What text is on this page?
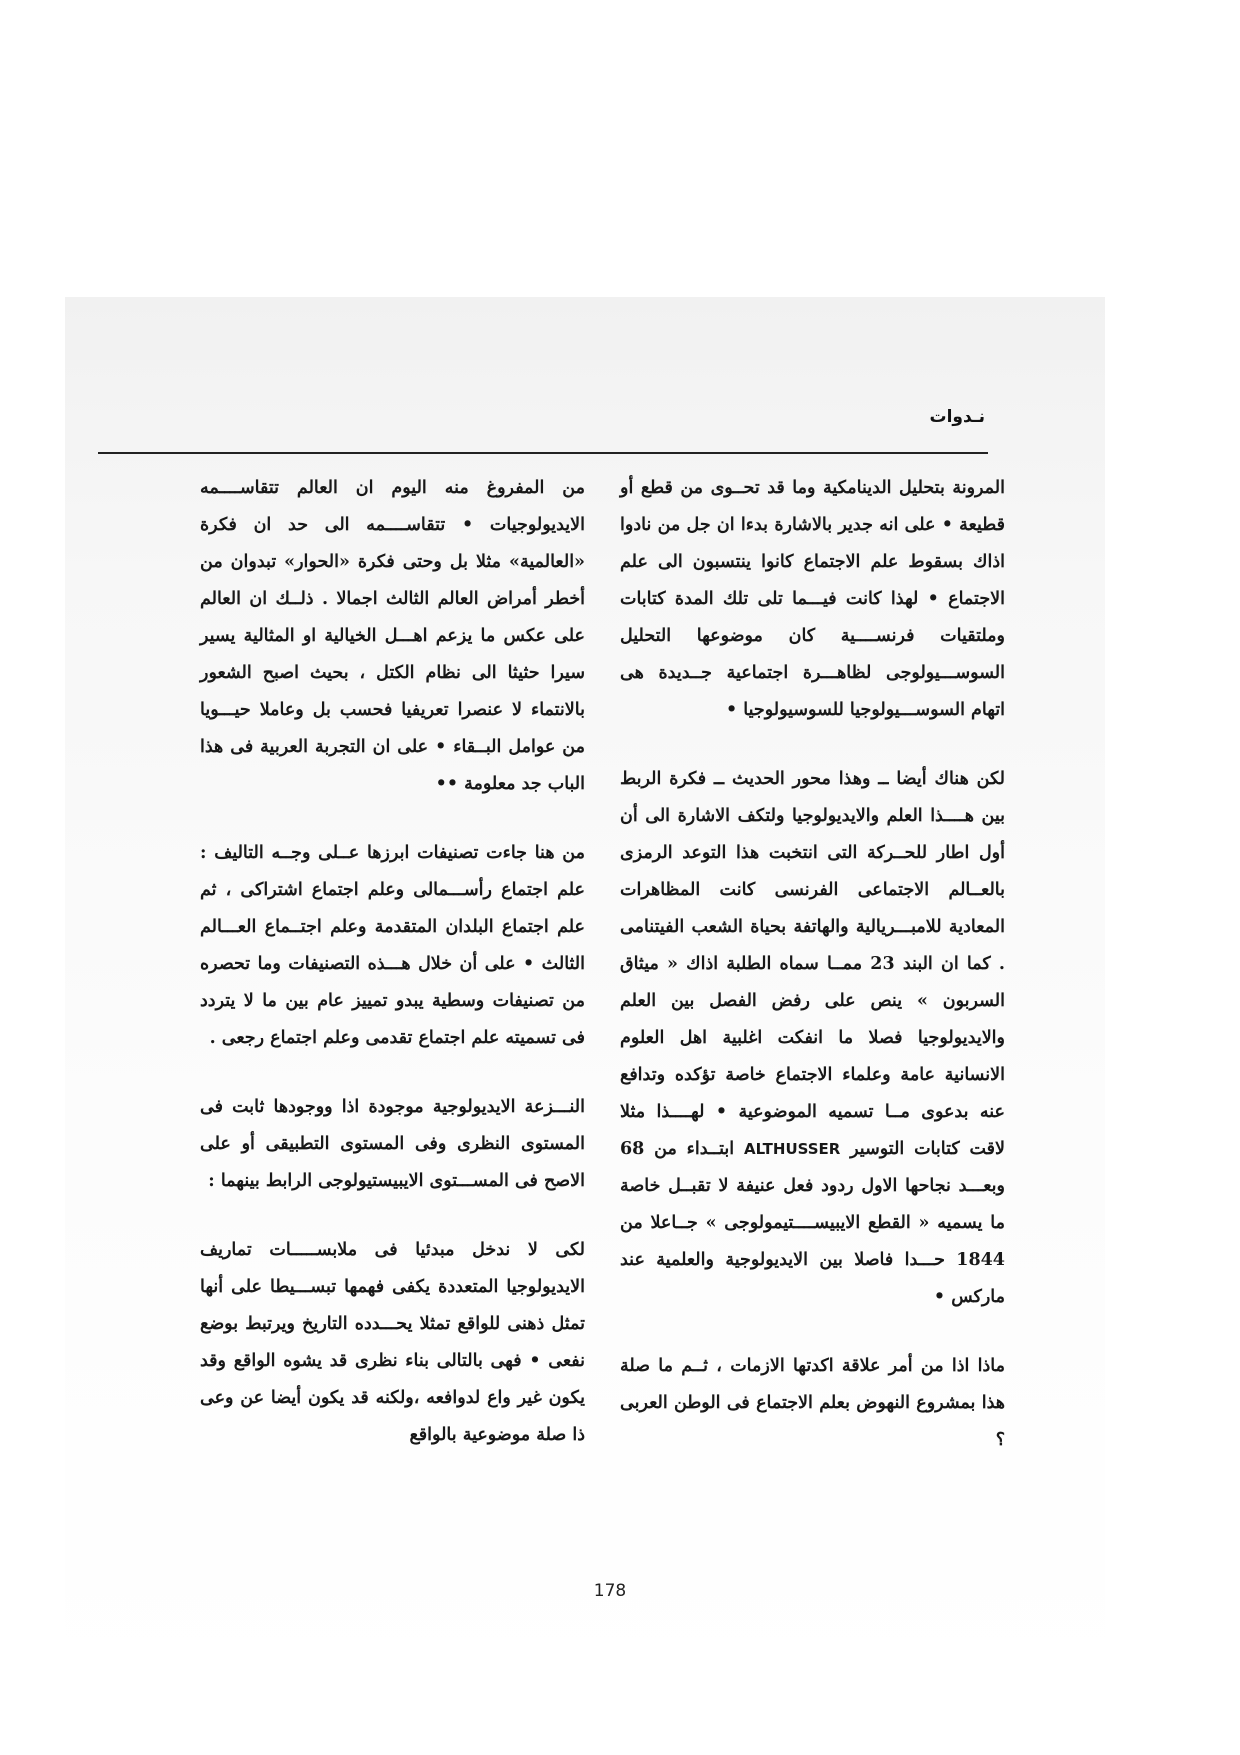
نـدوات

المرونة بتحليل الدينامكية وما قد تحــوى من قطع أو قطيعة • على انه جدير بالاشارة بدءا ان جل من نادوا اذاك بسقوط علم الاجتماع كانوا ينتسبون الى علم الاجتماع • لهذا كانت فيـــما تلى تلك المدة كتابات وملتقيات فرنســــية كان موضوعها التحليل السوســـيولوجى لظاهـــرة اجتماعية جــديدة هى اتهام السوســـيولوجيا للسوسيولوجيا •

لكن هناك أيضا ــ وهذا محور الحديث ــ فكرة الربط بين هــــذا العلم والايديولوجيا ولتكف الاشارة الى أن أول اطار للحــركة التى انتخبت هذا التوعد الرمزى بالعــالم الاجتماعى الفرنسى كانت المظاهرات المعادية للامبـــريالية والهاتفة بحياة الشعب الفيتنامى . كما ان البند 23 ممــا سماه الطلبة اذاك « ميثاق السربون » ينص على رفض الفصل بين العلم والايديولوجيا فصلا ما انفكت اغلبية اهل العلوم الانسانية عامة وعلماء الاجتماع خاصة تؤكده وتدافع عنه بدعوى مــا تسميه الموضوعية • لهــــذا مثلا لاقت كتابات التوسير ALTHUSSER ابتــداء من 68 وبعـــد نجاحها الاول ردود فعل عنيفة لا تقبــل خاصة ما يسميه « القطع الايبيســــتيمولوجى » جــاعلا من 1844 حـــدا فاصلا بين الايديولوجية والعلمية عند ماركس •

ماذا اذا من أمر علاقة اكدتها الازمات ، ثــم ما صلة هذا بمشروع النهوض بعلم الاجتماع فى الوطن العربى ؟

من المفروغ منه اليوم ان العالم تتقاســــمه الايديولوجيات • تتقاســــمه الى حد ان فكرة «العالمية» مثلا بل وحتى فكرة «الحوار» تبدوان من أخطر أمراض العالم الثالث اجمالا . ذلــك ان العالم على عكس ما يزعم اهـــل الخيالية او المثالية يسير سيرا حثيثا الى نظام الكتل ، بحيث اصبح الشعور بالانتماء لا عنصرا تعريفيا فحسب بل وعاملا حيـــويا من عوامل البــقاء • على ان التجربة العربية فى هذا الباب جد معلومة ••

من هنا جاءت تصنيفات ابرزها عــلى وجــه التاليف : علم اجتماع رأســـمالى وعلم اجتماع اشتراكى ، ثم علم اجتماع البلدان المتقدمة وعلم اجتــماع العـــالم الثالث • على أن خلال هـــذه التصنيفات وما تحصره من تصنيفات وسطية يبدو تمييز عام بين ما لا يتردد فى تسميته علم اجتماع تقدمى وعلم اجتماع رجعى .

النـــزعة الايديولوجية موجودة اذا ووجودها ثابت فى المستوى النظرى وفى المستوى التطبيقى أو على الاصح فى المســـتوى الايبيستيولوجى الرابط بينهما :

لكى لا ندخل مبدئيا فى ملابســـــات تماريف الايديولوجيا المتعددة يكفى فهمها تبســـيطا على أنها تمثل ذهنى للواقع تمثلا يحـــدده التاريخ ويرتبط بوضع نفعى • فهى بالتالى بناء نظرى قد يشوه الواقع وقد يكون غير واع لدوافعه ،ولكنه قد يكون أيضا عن وعى ذا صلة موضوعية بالواقع

178
